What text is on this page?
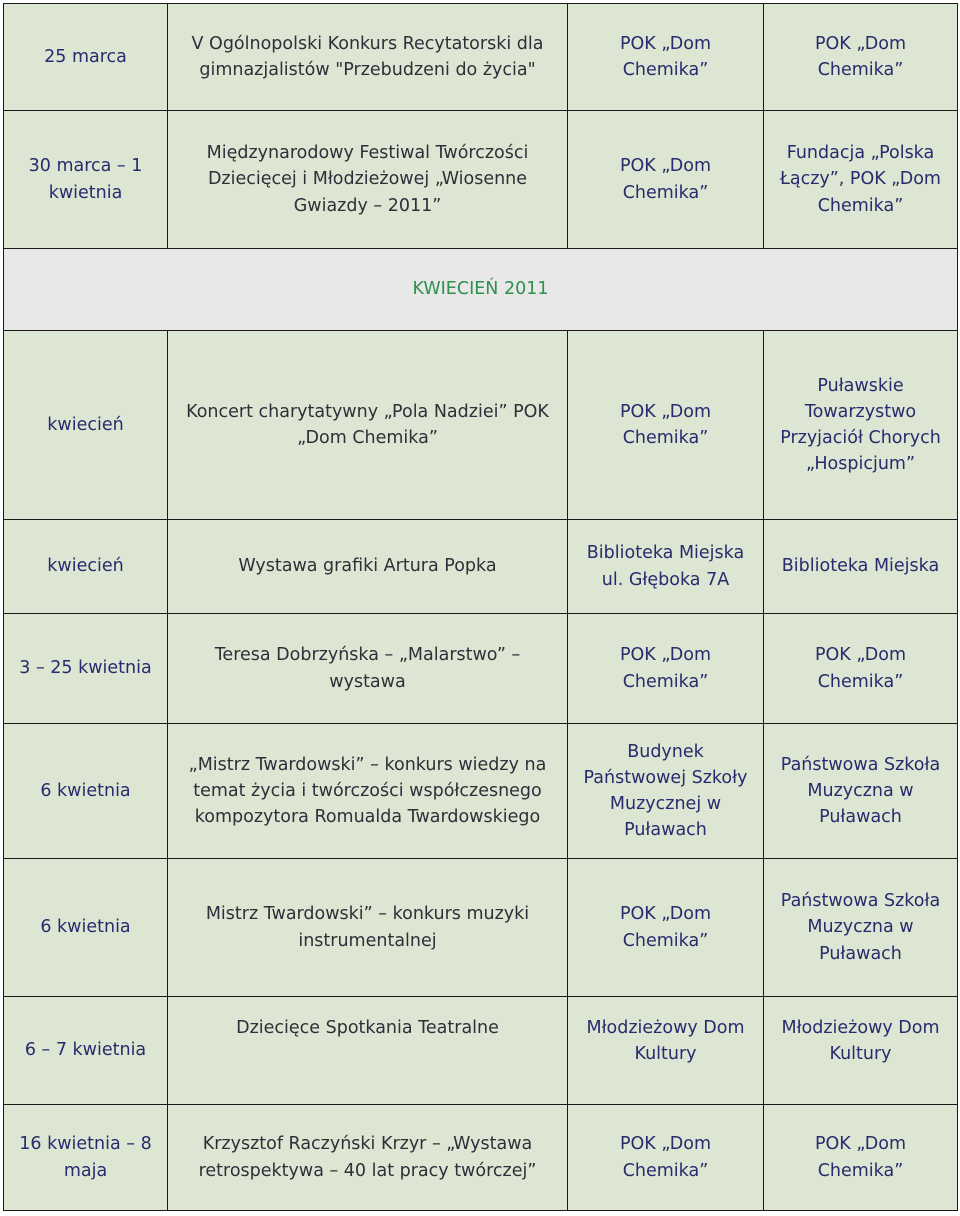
25 marca	V Ogólnopolski Konkurs Recytatorski dla gimnazjalistów "Przebudzeni do życia"	POK „Dom Chemika”	POK „Dom Chemika”
30 marca – 1 kwietnia	Międzynarodowy Festiwal Twórczości Dziecięcej i Młodzieżowej „Wiosenne Gwiazdy – 2011”	POK „Dom Chemika”	Fundacja „Polska Łączy”, POK „Dom Chemika”
KWIECIEŃ 2011			
kwiecień	Koncert charytatywny „Pola Nadziei” POK „Dom Chemika”	POK „Dom Chemika”	Puławskie Towarzystwo Przyjaciół Chorych „Hospicjum”
kwiecień	Wystawa grafiki Artura Popka	Biblioteka Miejska ul. Głęboka 7A	Biblioteka Miejska
3 – 25 kwietnia	Teresa Dobrzyńska – „Malarstwo” – wystawa	POK „Dom Chemika”	POK „Dom Chemika”
6 kwietnia	„Mistrz Twardowski” – konkurs wiedzy na temat życia i twórczości współczesnego kompozytora Romualda Twardowskiego	Budynek Państwowej Szkoły Muzycznej w Puławach	Państwowa Szkoła Muzyczna w Puławach
6 kwietnia	Mistrz Twardowski” – konkurs muzyki instrumentalnej	POK „Dom Chemika”	Państwowa Szkoła Muzyczna w Puławach
6 – 7 kwietnia	Dziecięce Spotkania Teatralne	Młodzieżowy Dom Kultury	Młodzieżowy Dom Kultury
16 kwietnia – 8 maja	Krzysztof Raczyński Krzyr – „Wystawa retrospektywa – 40 lat pracy twórczej”	POK „Dom Chemika”	POK „Dom Chemika”
